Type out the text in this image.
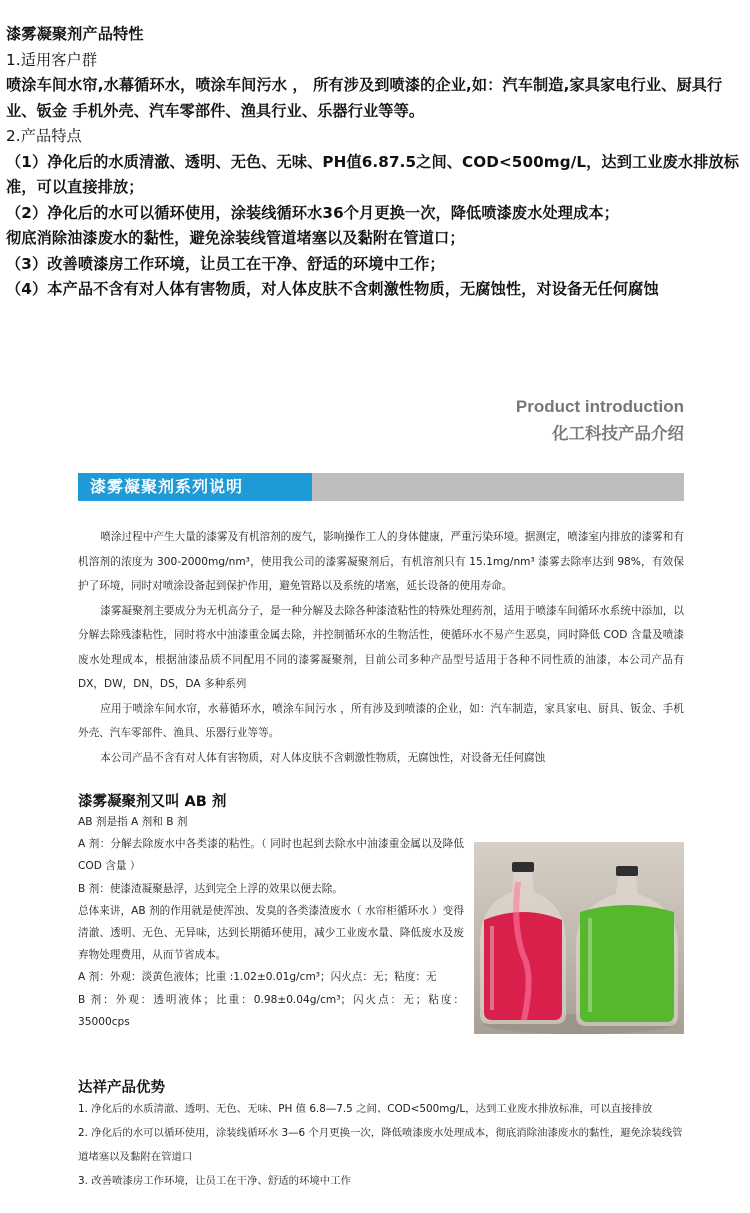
漆雾凝聚剂产品特性

1.适用客户群

喷涂车间水帘,水幕循环水，喷涂车间污水 ， 所有涉及到喷漆的企业,如：汽车制造,家具家电行业、厨具行业、钣金 手机外壳、汽车零部件、渔具行业、乐器行业等等。

2.产品特点

（1）净化后的水质清澈、透明、无色、无味、PH值6.87.5之间、COD<500mg/L，达到工业废水排放标准，可以直接排放；

（2）净化后的水可以循环使用，涂装线循环水36个月更换一次，降低喷漆废水处理成本；

彻底消除油漆废水的黏性，避免涂装线管道堵塞以及黏附在管道口；

（3）改善喷漆房工作环境，让员工在干净、舒适的环境中工作；

（4）本产品不含有对人体有害物质，对人体皮肤不含刺激性物质，无腐蚀性，对设备无任何腐蚀

Product introduction
化工科技产品介绍
漆雾凝聚剂系列说明

喷涂过程中产生大量的漆雾及有机溶剂的废气，影响操作工人的身体健康，严重污染环境。据测定，喷漆室内排放的漆雾和有机溶剂的浓度为 300-2000mg/nm³，使用我公司的漆雾凝聚剂后，有机溶剂只有 15.1mg/nm³ 漆雾去除率达到 98%，有效保护了环境，同时对喷涂设备起到保护作用，避免管路以及系统的堵塞，延长设备的使用寿命。

漆雾凝聚剂主要成分为无机高分子，是一种分解及去除各种漆渣粘性的特殊处理药剂，适用于喷漆车间循环水系统中添加，以分解去除残漆粘性，同时将水中油漆重金属去除，并控制循环水的生物活性，使循环水不易产生恶臭，同时降低 COD 含量及喷漆废水处理成本，根据油漆品质不同配用不同的漆雾凝聚剂，目前公司多种产品型号适用于各种不同性质的油漆，本公司产品有 DX，DW，DN，DS，DA 多种系列

应用于喷涂车间水帘，水幕循环水，喷涂车间污水 ，所有涉及到喷漆的企业，如：汽车制造，家具家电、厨具、钣金、手机外壳、汽车零部件、渔具、乐器行业等等。

本公司产品不含有对人体有害物质，对人体皮肤不含刺激性物质，无腐蚀性，对设备无任何腐蚀

漆雾凝聚剂又叫 AB 剂

AB 剂是指 A 剂和 B 剂

A 剂：分解去除废水中各类漆的粘性。（ 同时也起到去除水中油漆重金属以及降低 COD 含量 ）

B 剂：使漆渣凝聚悬浮，达到完全上浮的效果以便去除。

总体来讲，AB 剂的作用就是使浑浊、发臭的各类漆渣废水（ 水帘柜循环水 ）变得清澈、透明、无色、无异味，达到长期循环使用，减少工业废水量、降低废水及废弃物处理费用，从而节省成本。

A 剂：外观：淡黄色液体；比重 :1.02±0.01g/cm³；闪火点：无；粘度：无

B 剂：外观：透明液体；比重：0.98±0.04g/cm³；闪火点：无；粘度：35000cps

达祥产品优势

1. 净化后的水质清澈、透明、无色、无味、PH 值 6.8—7.5 之间、COD<500mg/L，达到工业废水排放标准，可以直接排放

2. 净化后的水可以循环使用，涂装线循环水 3—6 个月更换一次，降低喷漆废水处理成本，彻底消除油漆废水的黏性，避免涂装线管道堵塞以及黏附在管道口

3. 改善喷漆房工作环境，让员工在干净、舒适的环境中工作
